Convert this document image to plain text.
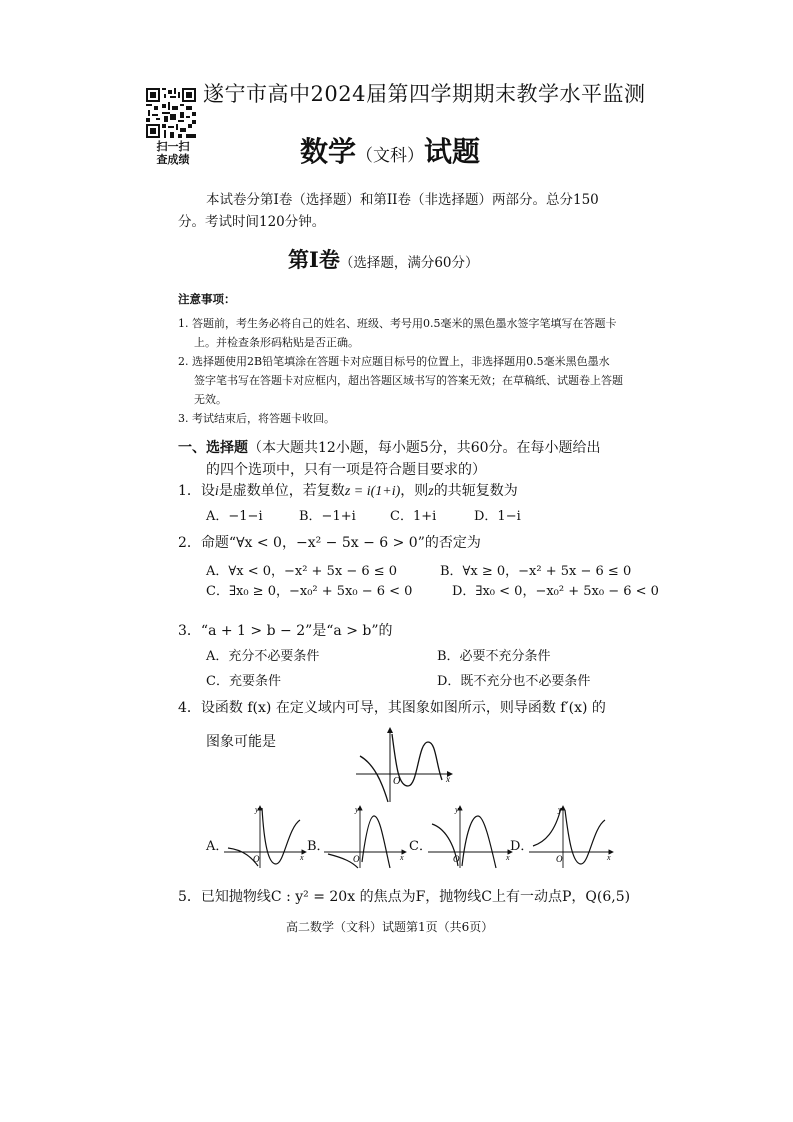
扫一扫
查成绩
遂宁市高中2024届第四学期期末教学水平监测
数学（文科）试题
本试卷分第Ⅰ卷（选择题）和第II卷（非选择题）两部分。总分150分。考试时间120分钟。
第Ⅰ卷（选择题，满分60分）
注意事项：
1. 答题前，考生务必将自己的姓名、班级、考号用0.5毫米的黑色墨水签字笔填写在答题卡
上。并检查条形码粘贴是否正确。
2. 选择题使用2B铅笔填涂在答题卡对应题目标号的位置上，非选择题用0.5毫米黑色墨水
签字笔书写在答题卡对应框内，超出答题区域书写的答案无效；在草稿纸、试题卷上答题
无效。
3. 考试结束后，将答题卡收回。
一、选择题（本大题共12小题，每小题5分，共60分。在每小题给出
的四个选项中，只有一项是符合题目要求的）
1．设i是虚数单位，若复数z = i(1+i)，则z的共轭复数为
A．−1−i	B．−1+i	C．1+i	D．1−i
2．命题“∀x < 0，−x² − 5x − 6 > 0”的否定为
A．∀x < 0，−x² + 5x − 6 ≤ 0	B．∀x ≥ 0，−x² + 5x − 6 ≤ 0
C．∃x₀ ≥ 0，−x₀² + 5x₀ − 6 < 0	D．∃x₀ < 0，−x₀² + 5x₀ − 6 < 0
3．“a + 1 > b − 2”是“a > b”的
A．充分不必要条件	B．必要不充分条件
C．充要条件	D．既不充分也不必要条件
4．设函数 f(x) 在定义域内可导，其图象如图所示，则导函数 f′(x) 的
图象可能是
O	x
A．
O	x
y
B．
O	x
y
C．
O	x
y
D．
O	x
y
5．已知抛物线C : y² = 20x 的焦点为F，抛物线C上有一动点P，Q(6,5)
高二数学（文科）试题第1页（共6页）
